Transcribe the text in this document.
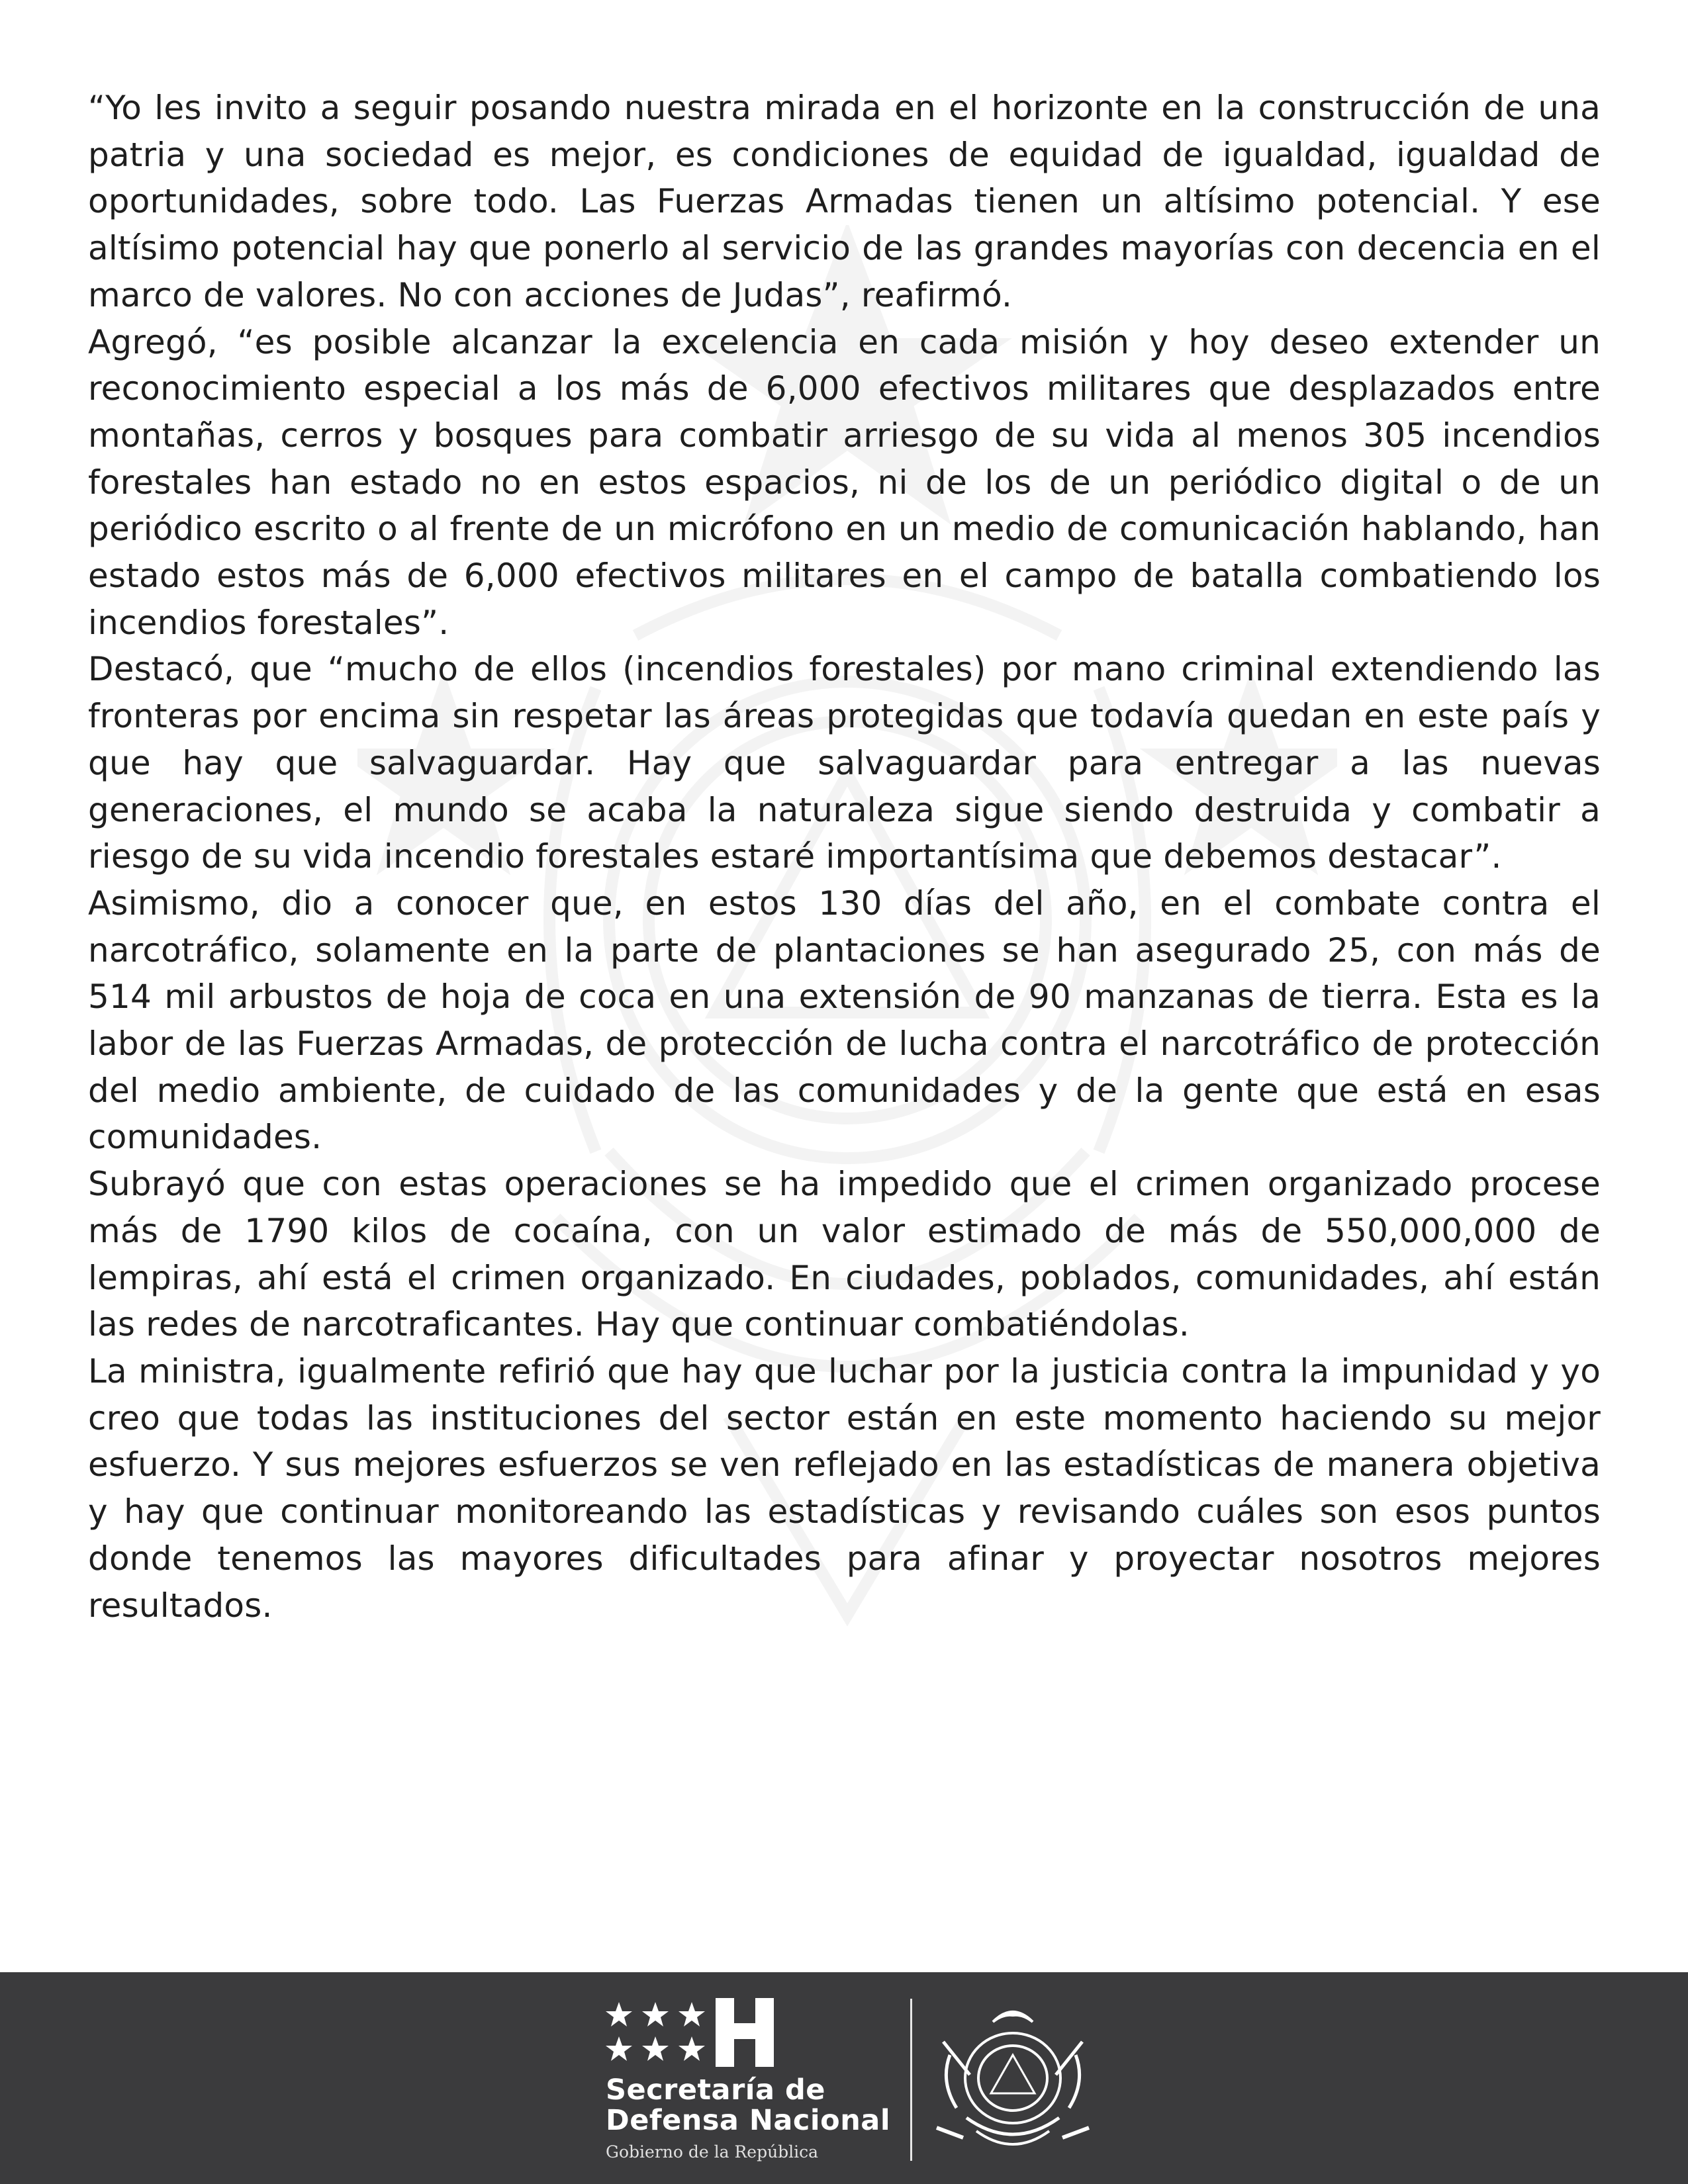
“Yo les invito a seguir posando nuestra mirada en el horizonte en la construcción de una patria y una sociedad es mejor, es condiciones de equidad de igualdad, igualdad de oportunidades, sobre todo. Las Fuerzas Armadas tienen un altísimo potencial. Y ese altísimo potencial hay que ponerlo al servicio de las grandes mayorías con decencia en el marco de valores. No con acciones de Judas”, reafirmó.

Agregó, “es posible alcanzar la excelencia en cada misión y hoy deseo extender un reconocimiento especial a los más de 6,000 efectivos militares que desplazados entre montañas, cerros y bosques para combatir arriesgo de su vida al menos 305 incendios forestales han estado no en estos espacios, ni de los de un periódico digital o de un periódico escrito o al frente de un micrófono en un medio de comunicación hablando, han estado estos más de 6,000 efectivos militares en el campo de batalla combatiendo los incendios forestales”.

Destacó, que “mucho de ellos (incendios forestales) por mano criminal extendiendo las fronteras por encima sin respetar las áreas protegidas que todavía quedan en este país y que hay que salvaguardar. Hay que salvaguardar para entregar a las nuevas generaciones, el mundo se acaba la naturaleza sigue siendo destruida y combatir a riesgo de su vida incendio forestales estaré importantísima que debemos destacar”.

Asimismo, dio a conocer que, en estos 130 días del año, en el combate contra el narcotráfico, solamente en la parte de plantaciones se han asegurado 25, con más de 514 mil arbustos de hoja de coca en una extensión de 90 manzanas de tierra. Esta es la labor de las Fuerzas Armadas, de protección de lucha contra el narcotráfico de protección del medio ambiente, de cuidado de las comunidades y de la gente que está en esas comunidades.

Subrayó que con estas operaciones se ha impedido que el crimen organizado procese más de 1790 kilos de cocaína, con un valor estimado de más de 550,000,000 de lempiras, ahí está el crimen organizado. En ciudades, poblados, comunidades, ahí están las redes de narcotraficantes. Hay que continuar combatiéndolas.

La ministra, igualmente refirió que hay que luchar por la justicia contra la impunidad y yo creo que todas las instituciones del sector están en este momento haciendo su mejor esfuerzo. Y sus mejores esfuerzos se ven reflejado en las estadísticas de manera objetiva y hay que continuar monitoreando las estadísticas y revisando cuáles son esos puntos donde tenemos las mayores dificultades para afinar y proyectar nosotros mejores resultados.

Secretaría de
Defensa Nacional
Gobierno de la República
